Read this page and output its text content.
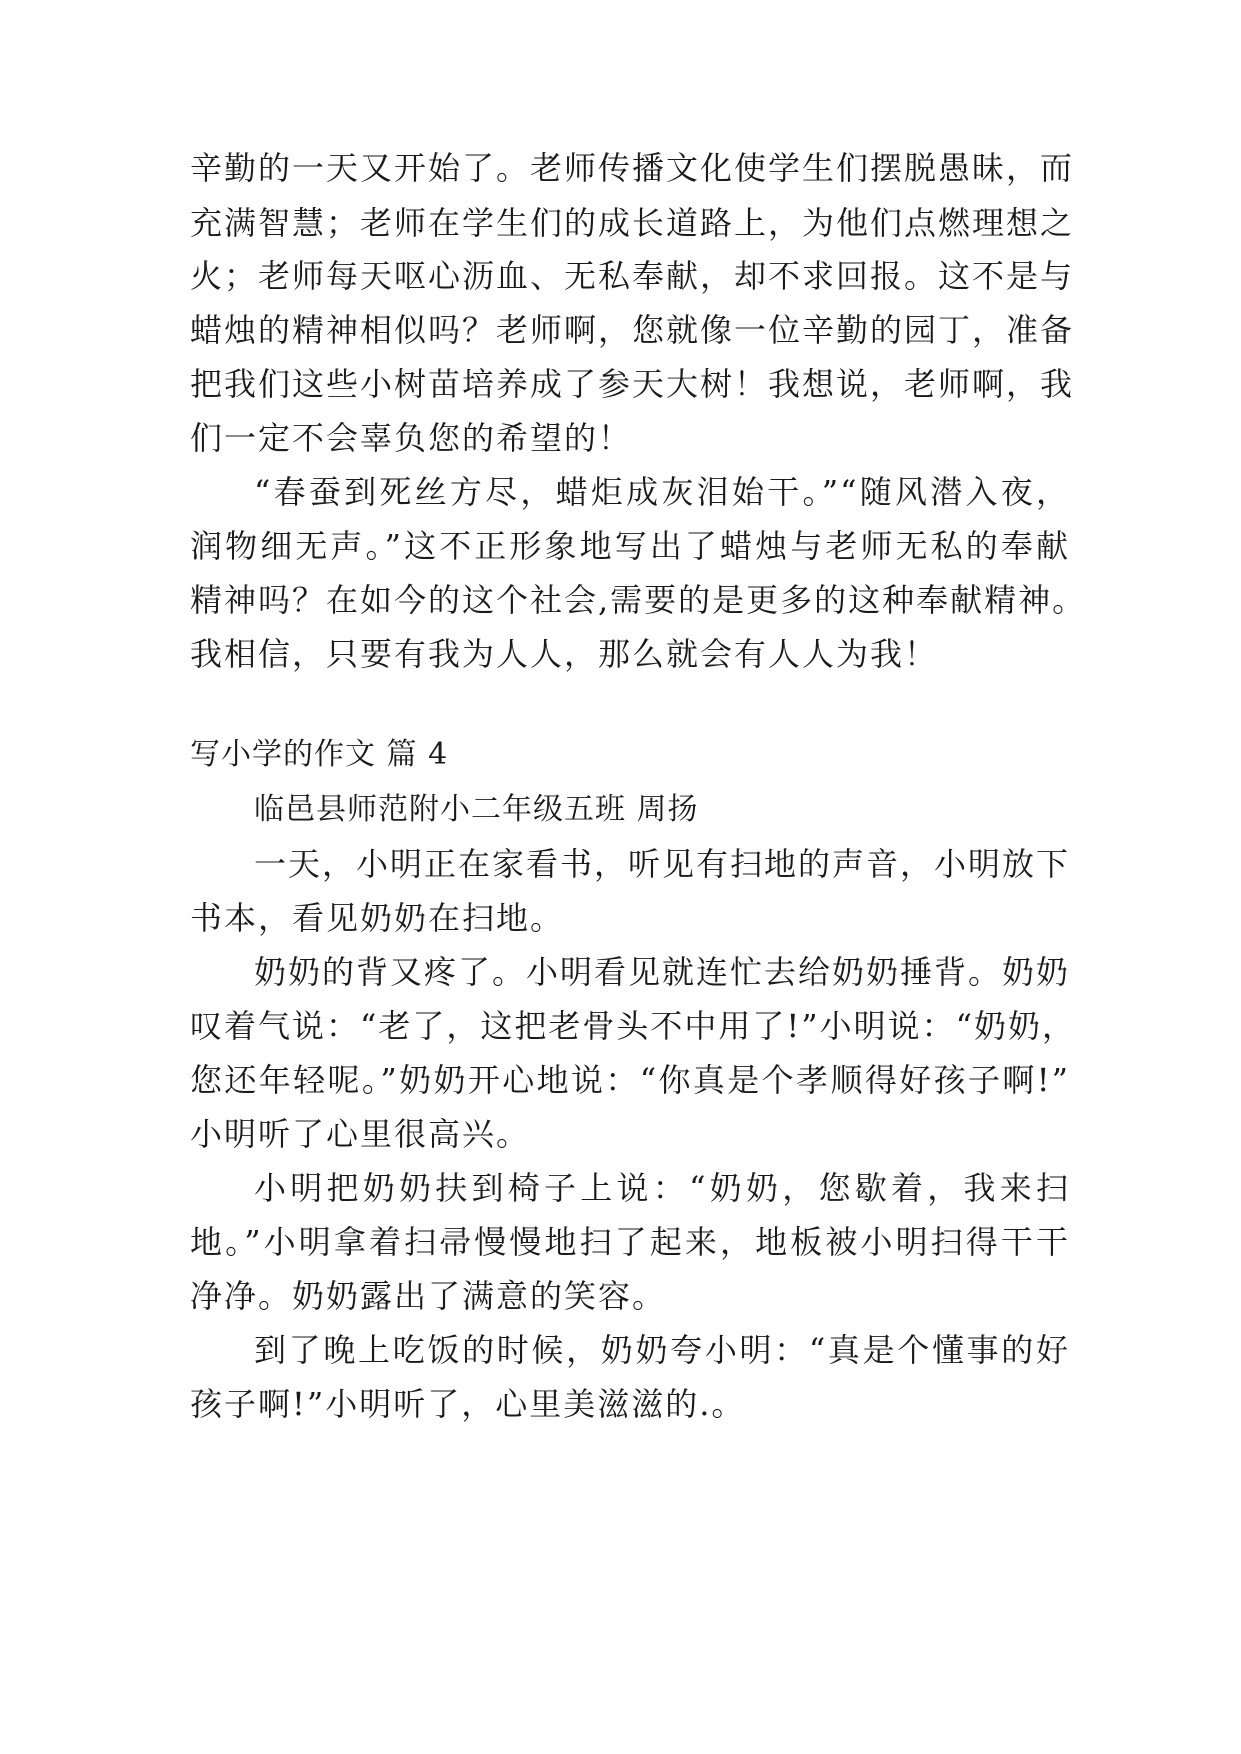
辛勤的一天又开始了。老师传播文化使学生们摆脱愚昧，而
充满智慧；老师在学生们的成长道路上，为他们点燃理想之
火；老师每天呕心沥血、无私奉献，却不求回报。这不是与
蜡烛的精神相似吗？老师啊，您就像一位辛勤的园丁，准备
把我们这些小树苗培养成了参天大树！我想说，老师啊，我
们一定不会辜负您的希望的！
“春蚕到死丝方尽，蜡炬成灰泪始干。”“随风潜入夜，
润物细无声。”这不正形象地写出了蜡烛与老师无私的奉献
精神吗？在如今的这个社会,需要的是更多的这种奉献精神。
我相信，只要有我为人人，那么就会有人人为我！
写小学的作文 篇 4
临邑县师范附小二年级五班 周扬
一天，小明正在家看书，听见有扫地的声音，小明放下
书本，看见奶奶在扫地。
奶奶的背又疼了。小明看见就连忙去给奶奶捶背。奶奶
叹着气说：“老了，这把老骨头不中用了!”小明说：“奶奶，
您还年轻呢。”奶奶开心地说：“你真是个孝顺得好孩子啊!”
小明听了心里很高兴。
小明把奶奶扶到椅子上说：“奶奶，您歇着，我来扫
地。”小明拿着扫帚慢慢地扫了起来，地板被小明扫得干干
净净。奶奶露出了满意的笑容。
到了晚上吃饭的时候，奶奶夸小明：“真是个懂事的好
孩子啊!”小明听了，心里美滋滋的.。
